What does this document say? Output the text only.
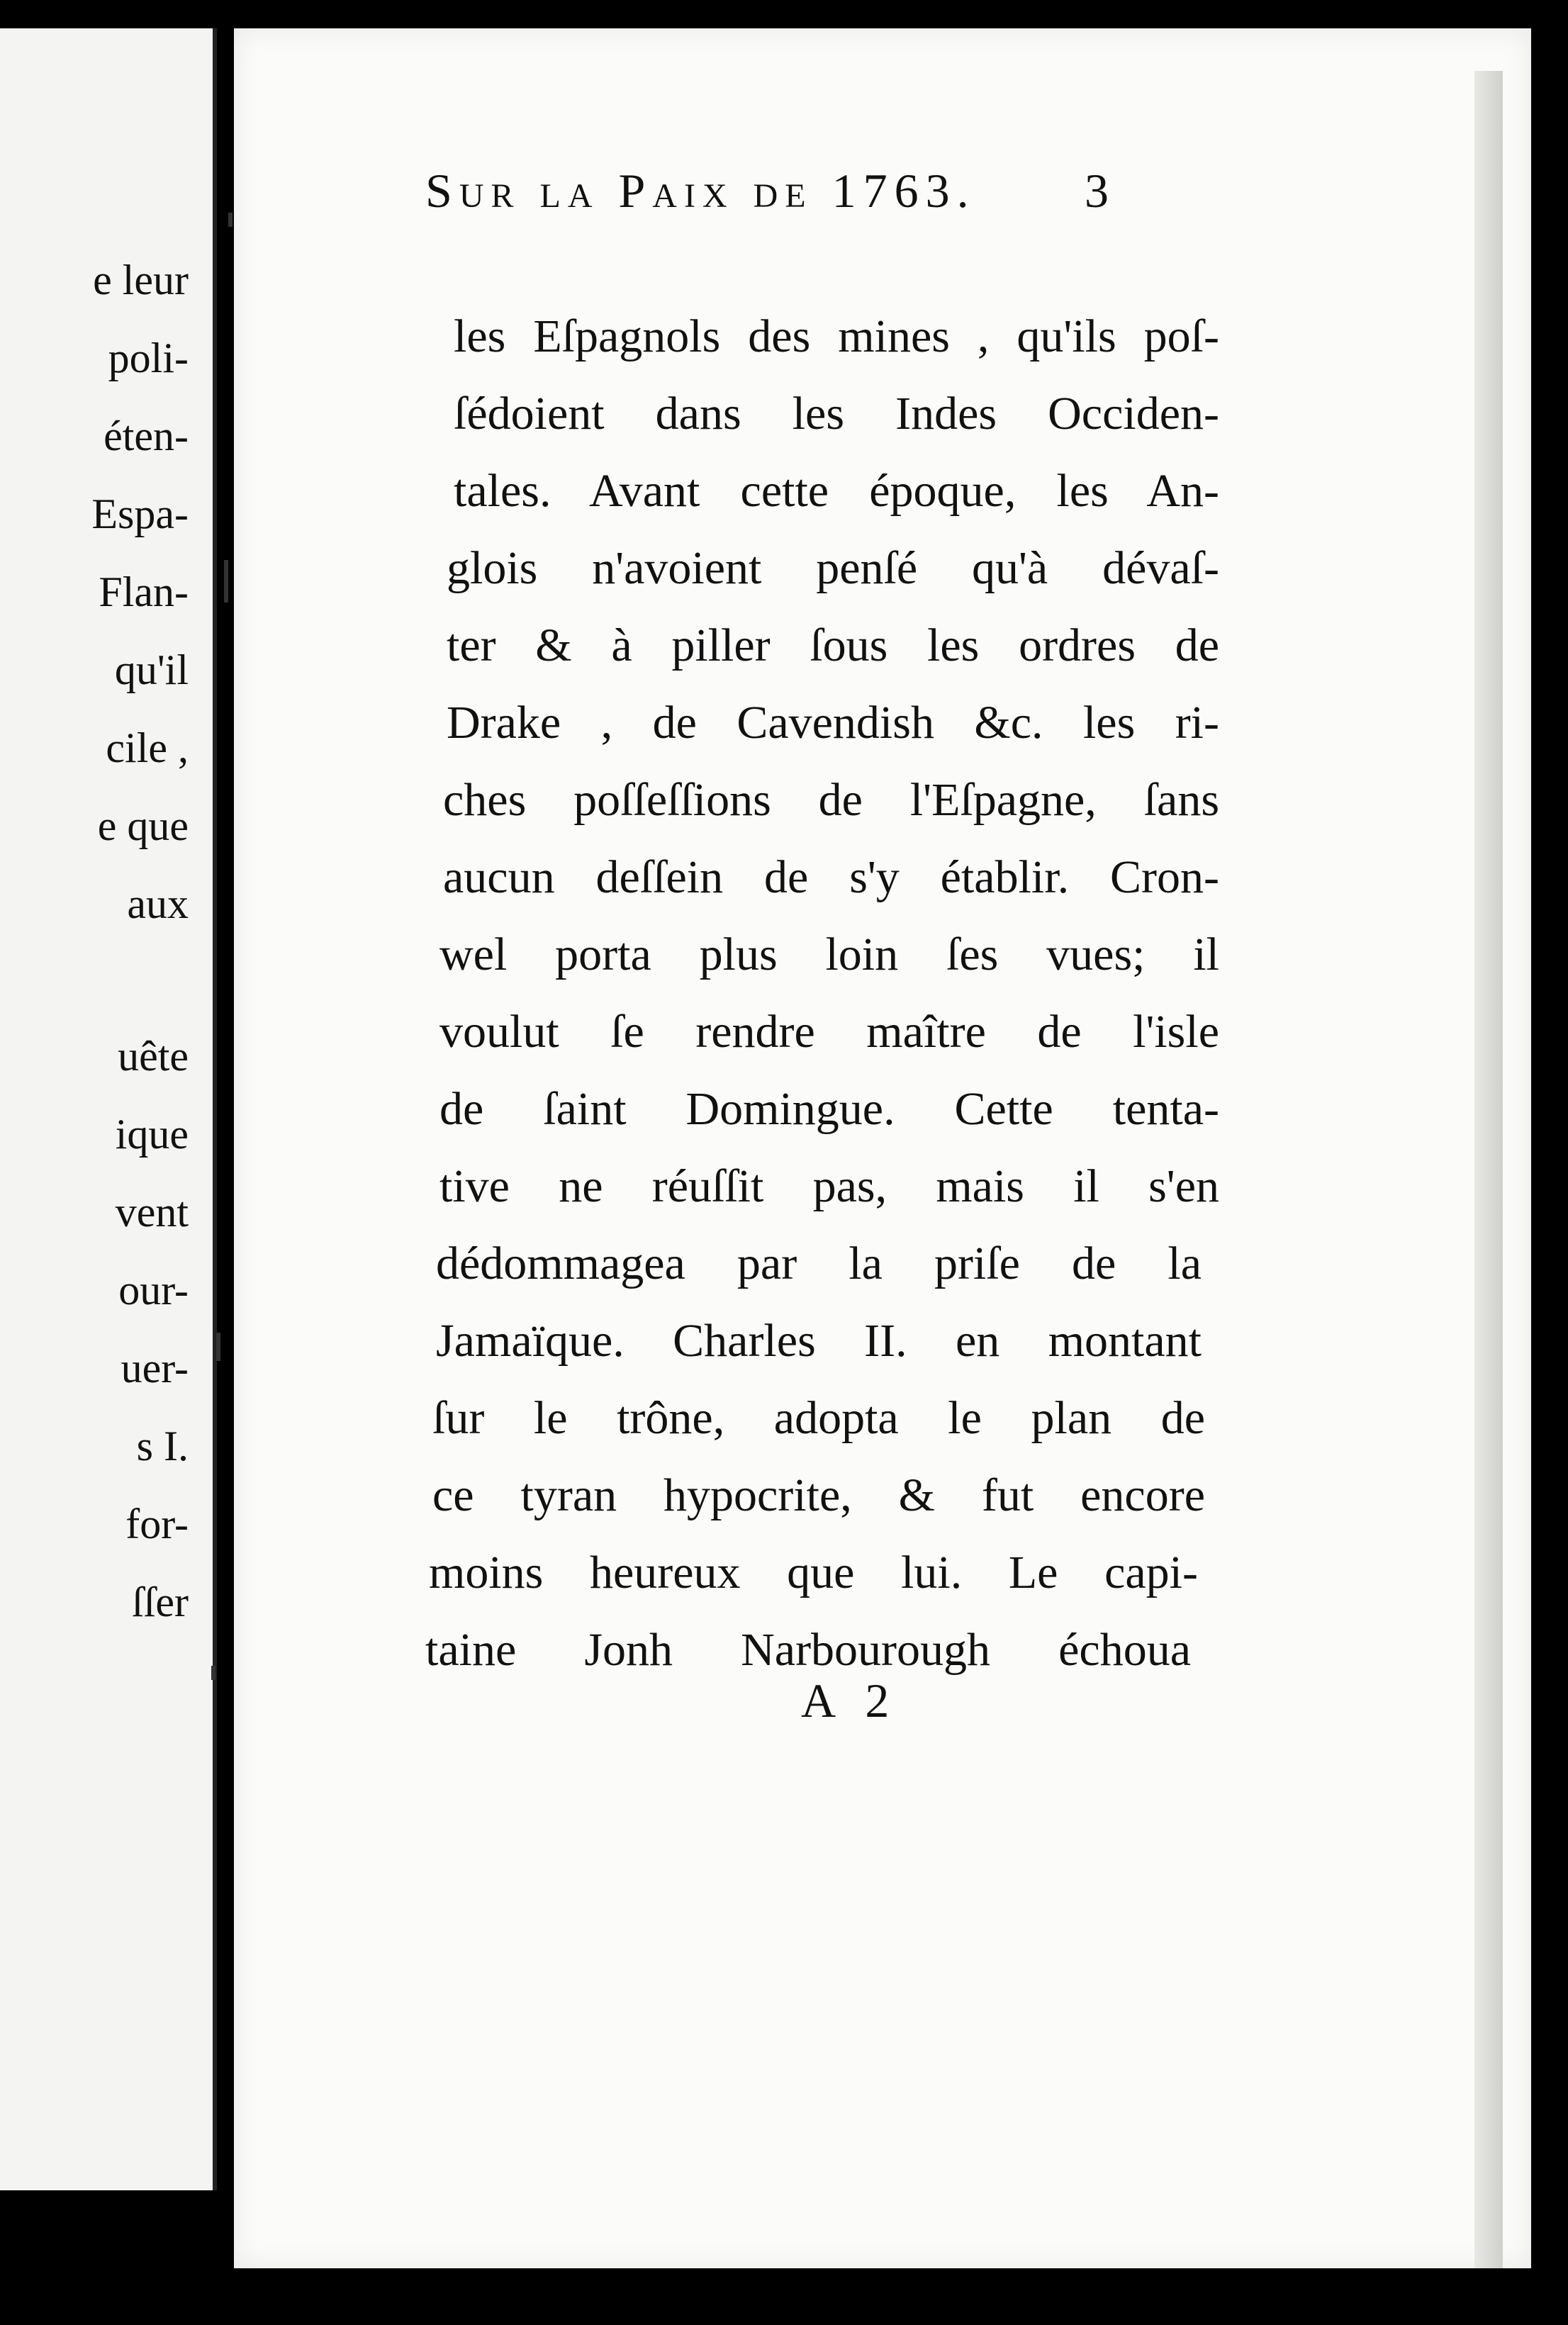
e leur
poli-
éten-
Espa-
Flan-
qu'il
cile ,
e que
aux
uête
ique
vent
our-
uer-
s I.
for-
ſſer
Sur la Paix de 1763.	3
les Eſpagnols des mines , qu'ils poſ-
ſédoient dans les Indes Occiden-
tales. Avant cette époque, les An-
glois n'avoient penſé qu'à dévaſ-
ter & à piller ſous les ordres de
Drake , de Cavendish &c. les ri-
ches poſſeſſions de l'Eſpagne, ſans
aucun deſſein de s'y établir. Cron-
wel porta plus loin ſes vues; il
voulut ſe rendre maître de l'isle
de ſaint Domingue. Cette tenta-
tive ne réuſſit pas, mais il s'en
dédommagea par la priſe de la
Jamaïque. Charles II. en montant
ſur le trône, adopta le plan de
ce tyran hypocrite, & fut encore
moins heureux que lui. Le capi-
taine Jonh Narbourough échoua
A 2
